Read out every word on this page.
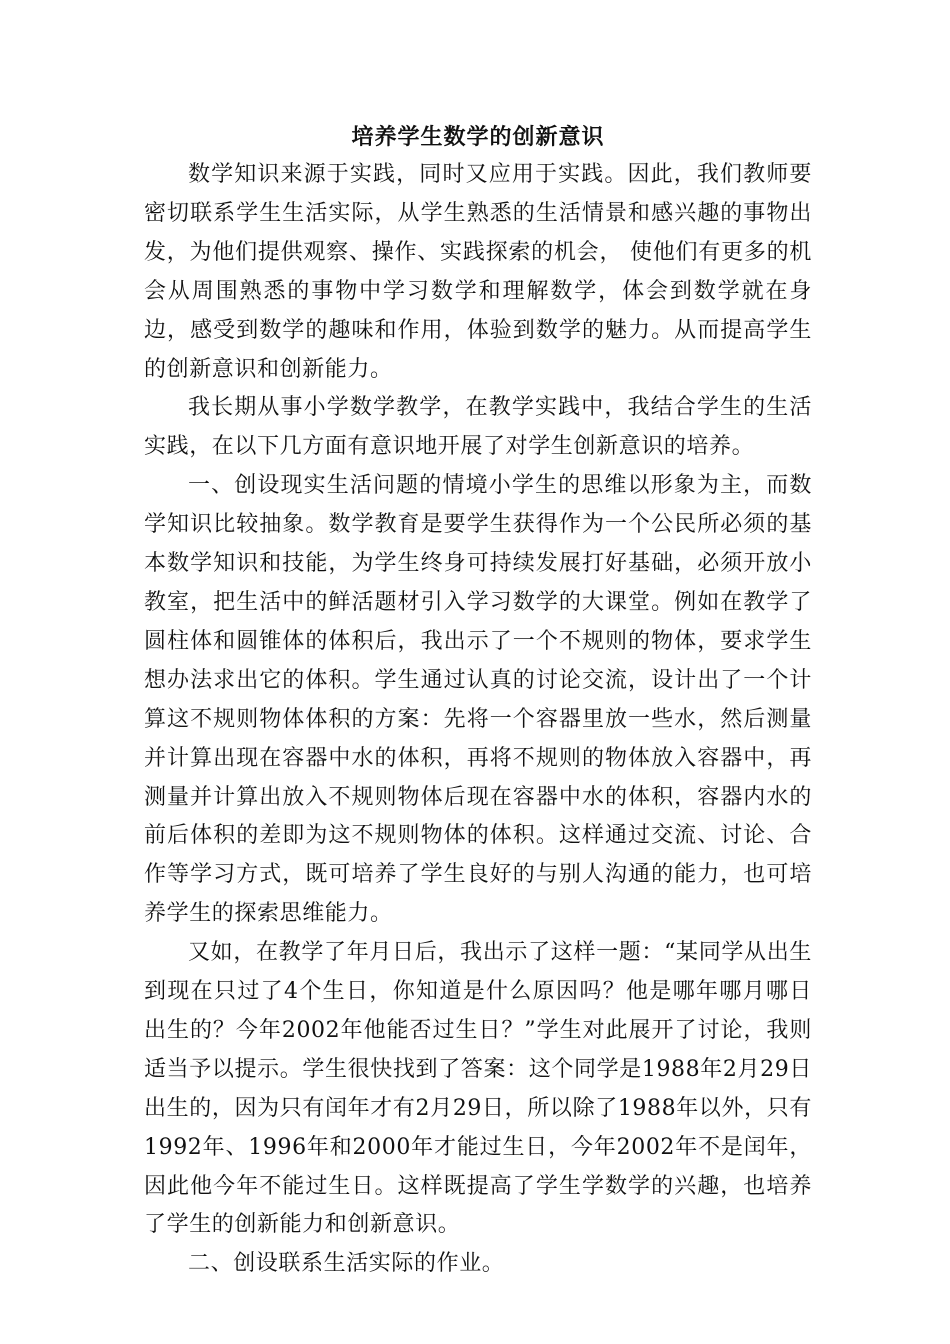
培养学生数学的创新意识

数学知识来源于实践，同时又应用于实践。因此，我们教师要密切联系学生生活实际，从学生熟悉的生活情景和感兴趣的事物出发，为他们提供观察、操作、实践探索的机会， 使他们有更多的机会从周围熟悉的事物中学习数学和理解数学，体会到数学就在身边，感受到数学的趣味和作用，体验到数学的魅力。从而提高学生的创新意识和创新能力。

我长期从事小学数学教学，在教学实践中，我结合学生的生活实践，在以下几方面有意识地开展了对学生创新意识的培养。

一、创设现实生活问题的情境小学生的思维以形象为主，而数学知识比较抽象。数学教育是要学生获得作为一个公民所必须的基本数学知识和技能，为学生终身可持续发展打好基础，必须开放小教室，把生活中的鲜活题材引入学习数学的大课堂。例如在教学了圆柱体和圆锥体的体积后，我出示了一个不规则的物体，要求学生想办法求出它的体积。学生通过认真的讨论交流，设计出了一个计算这不规则物体体积的方案：先将一个容器里放一些水，然后测量并计算出现在容器中水的体积，再将不规则的物体放入容器中，再测量并计算出放入不规则物体后现在容器中水的体积，容器内水的前后体积的差即为这不规则物体的体积。这样通过交流、讨论、合作等学习方式，既可培养了学生良好的与别人沟通的能力，也可培养学生的探索思维能力。

又如，在教学了年月日后，我出示了这样一题：“某同学从出生到现在只过了4个生日，你知道是什么原因吗？他是哪年哪月哪日出生的？今年2002年他能否过生日？”学生对此展开了讨论，我则适当予以提示。学生很快找到了答案：这个同学是1988年2月29日出生的，因为只有闰年才有2月29日，所以除了1988年以外，只有1992年、1996年和2000年才能过生日，今年2002年不是闰年，因此他今年不能过生日。这样既提高了学生学数学的兴趣，也培养了学生的创新能力和创新意识。

二、创设联系生活实际的作业。
